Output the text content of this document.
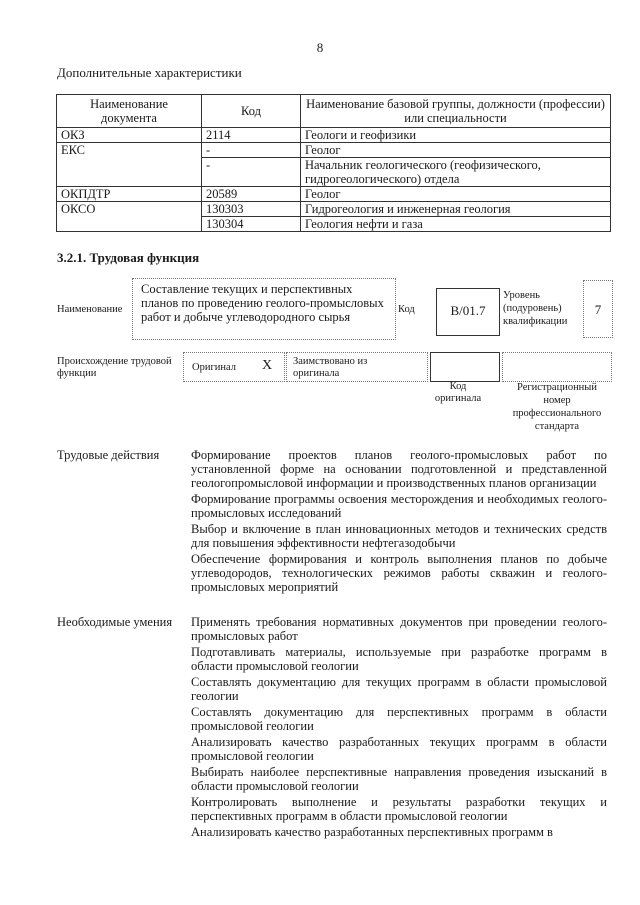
8
Дополнительные характеристики
Наименование документа	Код	Наименование базовой группы, должности (профессии) или специальности
ОКЗ	2114	Геологи и геофизики
ЕКС	-	Геолог
	-	Начальник геологического (геофизического, гидрогеологического) отдела
ОКПДТР	20589	Геолог
ОКСО	130303	Гидрогеология и инженерная геология
	130304	Геология нефти и газа
3.2.1. Трудовая функция
Наименование
Составление текущих и перспективных планов по проведению геолого-промысловых работ и добыче углеводородного сырья
Код	B/01.7
Уровень (подуровень) квалификации
7
Происхождение трудовой функции
Оригинал X Заимствовано из оригинала
Код оригинала
Регистрационный номер профессионального стандарта
Трудовые действия	Формирование проектов планов геолого-промысловых работ по установленной форме на основании подготовленной и представленной геологопромысловой информации и производственных планов организации

Формирование программы освоения месторождения и необходимых геолого-промысловых исследований

Выбор и включение в план инновационных методов и технических средств для повышения эффективности нефтегазодобычи

Обеспечение формирования и контроль выполнения планов по добыче углеводородов, технологических режимов работы скважин и геолого-промысловых мероприятий

Необходимые умения Применять требования нормативных документов при проведении геолого-промысловых работ

Подготавливать материалы, используемые при разработке программ в области промысловой геологии

Составлять документацию для текущих программ в области промысловой геологии

Составлять документацию для перспективных программ в области промысловой геологии

Анализировать качество разработанных текущих программ в области промысловой геологии

Выбирать наиболее перспективные направления проведения изысканий в области промысловой геологии

Контролировать выполнение и результаты разработки текущих и перспективных программ в области промысловой геологии

Анализировать качество разработанных перспективных программ в
